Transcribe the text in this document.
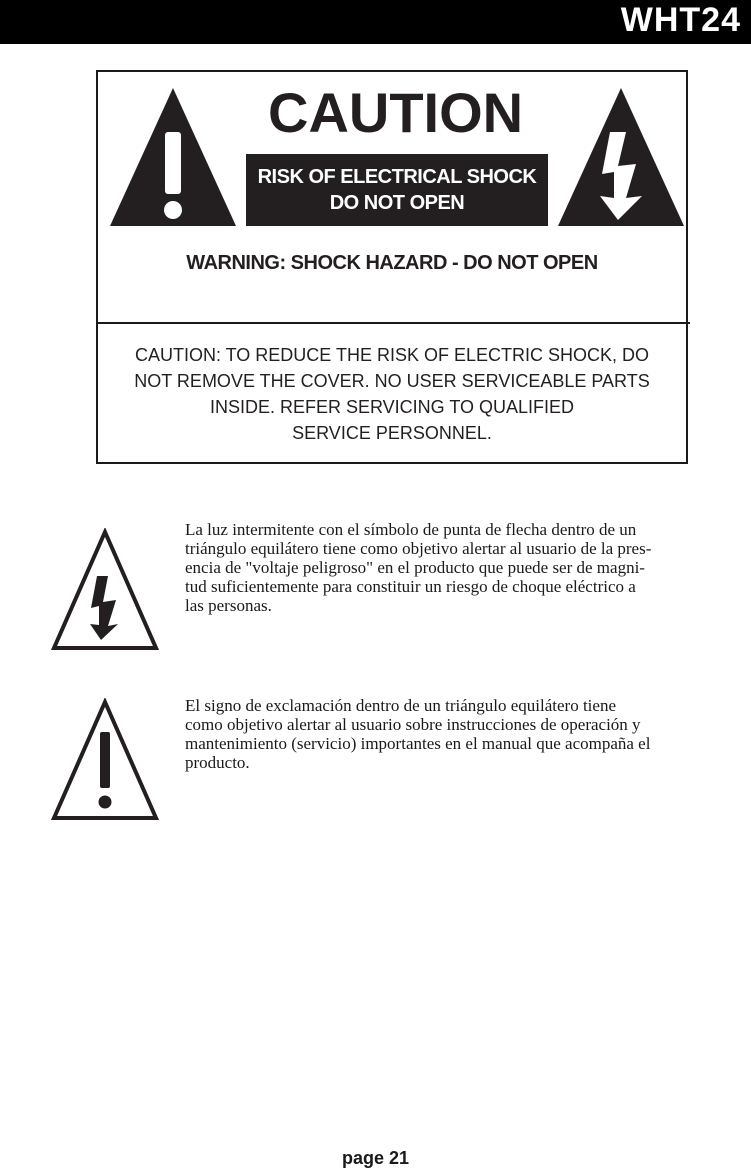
WHT24
CAUTION
RISK OF ELECTRICAL SHOCK
DO NOT OPEN
WARNING: SHOCK HAZARD - DO NOT OPEN
CAUTION: TO REDUCE THE RISK OF ELECTRIC SHOCK, DO
NOT REMOVE THE COVER. NO USER SERVICEABLE PARTS
INSIDE. REFER SERVICING TO QUALIFIED
SERVICE PERSONNEL.
La luz intermitente con el símbolo de punta de flecha dentro de un
triángulo equilátero tiene como objetivo alertar al usuario de la pres-
encia de "voltaje peligroso" en el producto que puede ser de magni-
tud suficientemente para constituir un riesgo de choque eléctrico a
las personas.
El signo de exclamación dentro de un triángulo equilátero tiene
como objetivo alertar al usuario sobre instrucciones de operación y
mantenimiento (servicio) importantes en el manual que acompaña el
producto.
page 21
